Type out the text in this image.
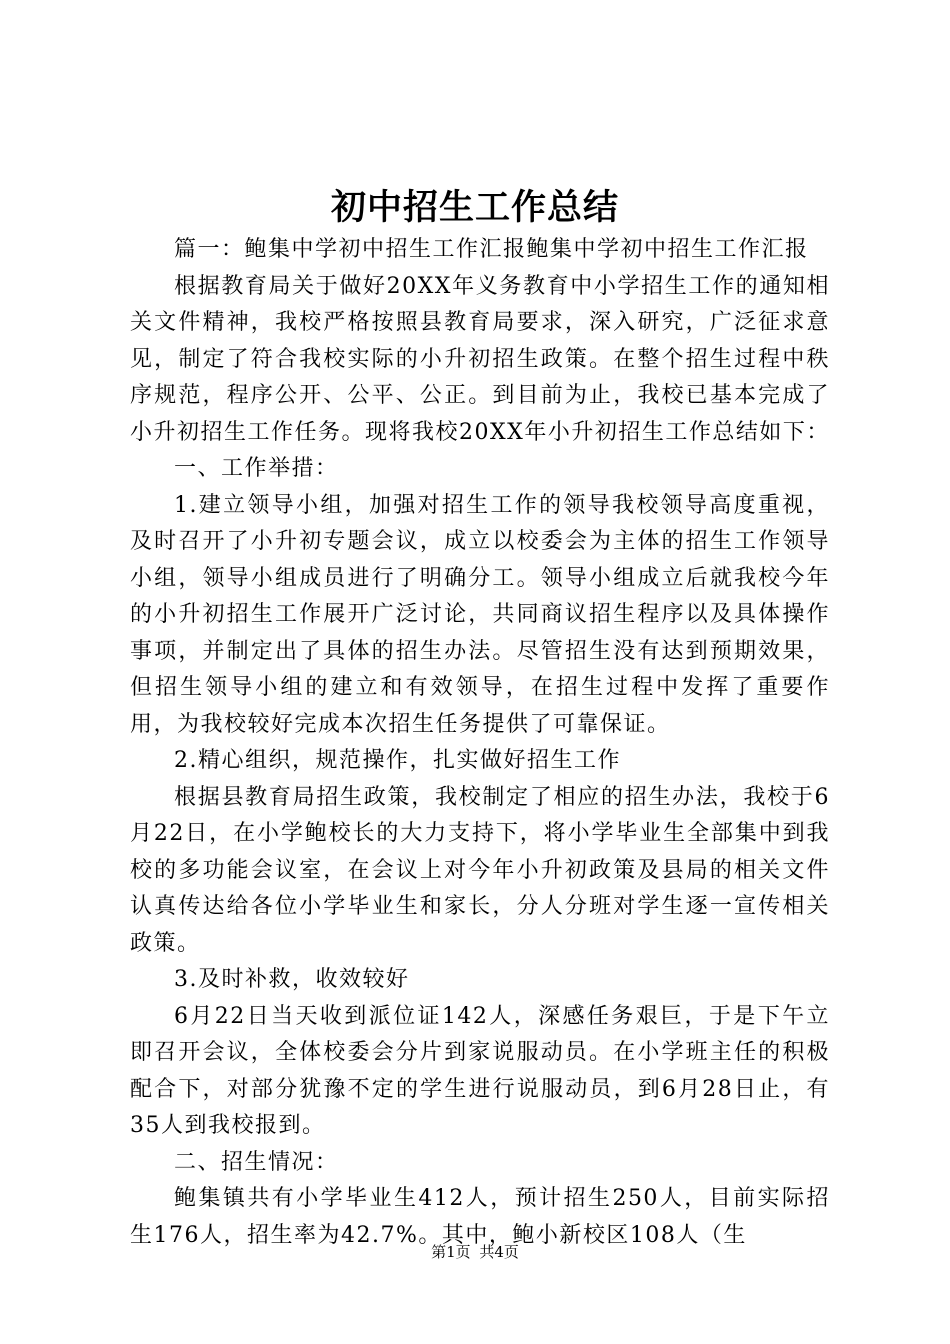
初中招生工作总结

篇一：鲍集中学初中招生工作汇报鲍集中学初中招生工作汇报

根据教育局关于做好20XX年义务教育中小学招生工作的通知相关文件精神，我校严格按照县教育局要求，深入研究，广泛征求意见，制定了符合我校实际的小升初招生政策。在整个招生过程中秩序规范，程序公开、公平、公正。到目前为止，我校已基本完成了小升初招生工作任务。现将我校20XX年小升初招生工作总结如下：

一、工作举措：

1.建立领导小组，加强对招生工作的领导我校领导高度重视，及时召开了小升初专题会议，成立以校委会为主体的招生工作领导小组，领导小组成员进行了明确分工。领导小组成立后就我校今年的小升初招生工作展开广泛讨论，共同商议招生程序以及具体操作事项，并制定出了具体的招生办法。尽管招生没有达到预期效果，但招生领导小组的建立和有效领导，在招生过程中发挥了重要作用，为我校较好完成本次招生任务提供了可靠保证。

2.精心组织，规范操作，扎实做好招生工作

根据县教育局招生政策，我校制定了相应的招生办法，我校于6月22日，在小学鲍校长的大力支持下，将小学毕业生全部集中到我校的多功能会议室，在会议上对今年小升初政策及县局的相关文件认真传达给各位小学毕业生和家长，分人分班对学生逐一宣传相关政策。

3.及时补救，收效较好

6月22日当天收到派位证142人，深感任务艰巨，于是下午立即召开会议，全体校委会分片到家说服动员。在小学班主任的积极配合下，对部分犹豫不定的学生进行说服动员，到6月28日止，有35人到我校报到。

二、招生情况：

鲍集镇共有小学毕业生412人，预计招生250人，目前实际招生176人，招生率为42.7%。其中，鲍小新校区108人（生

第1页 共4页
